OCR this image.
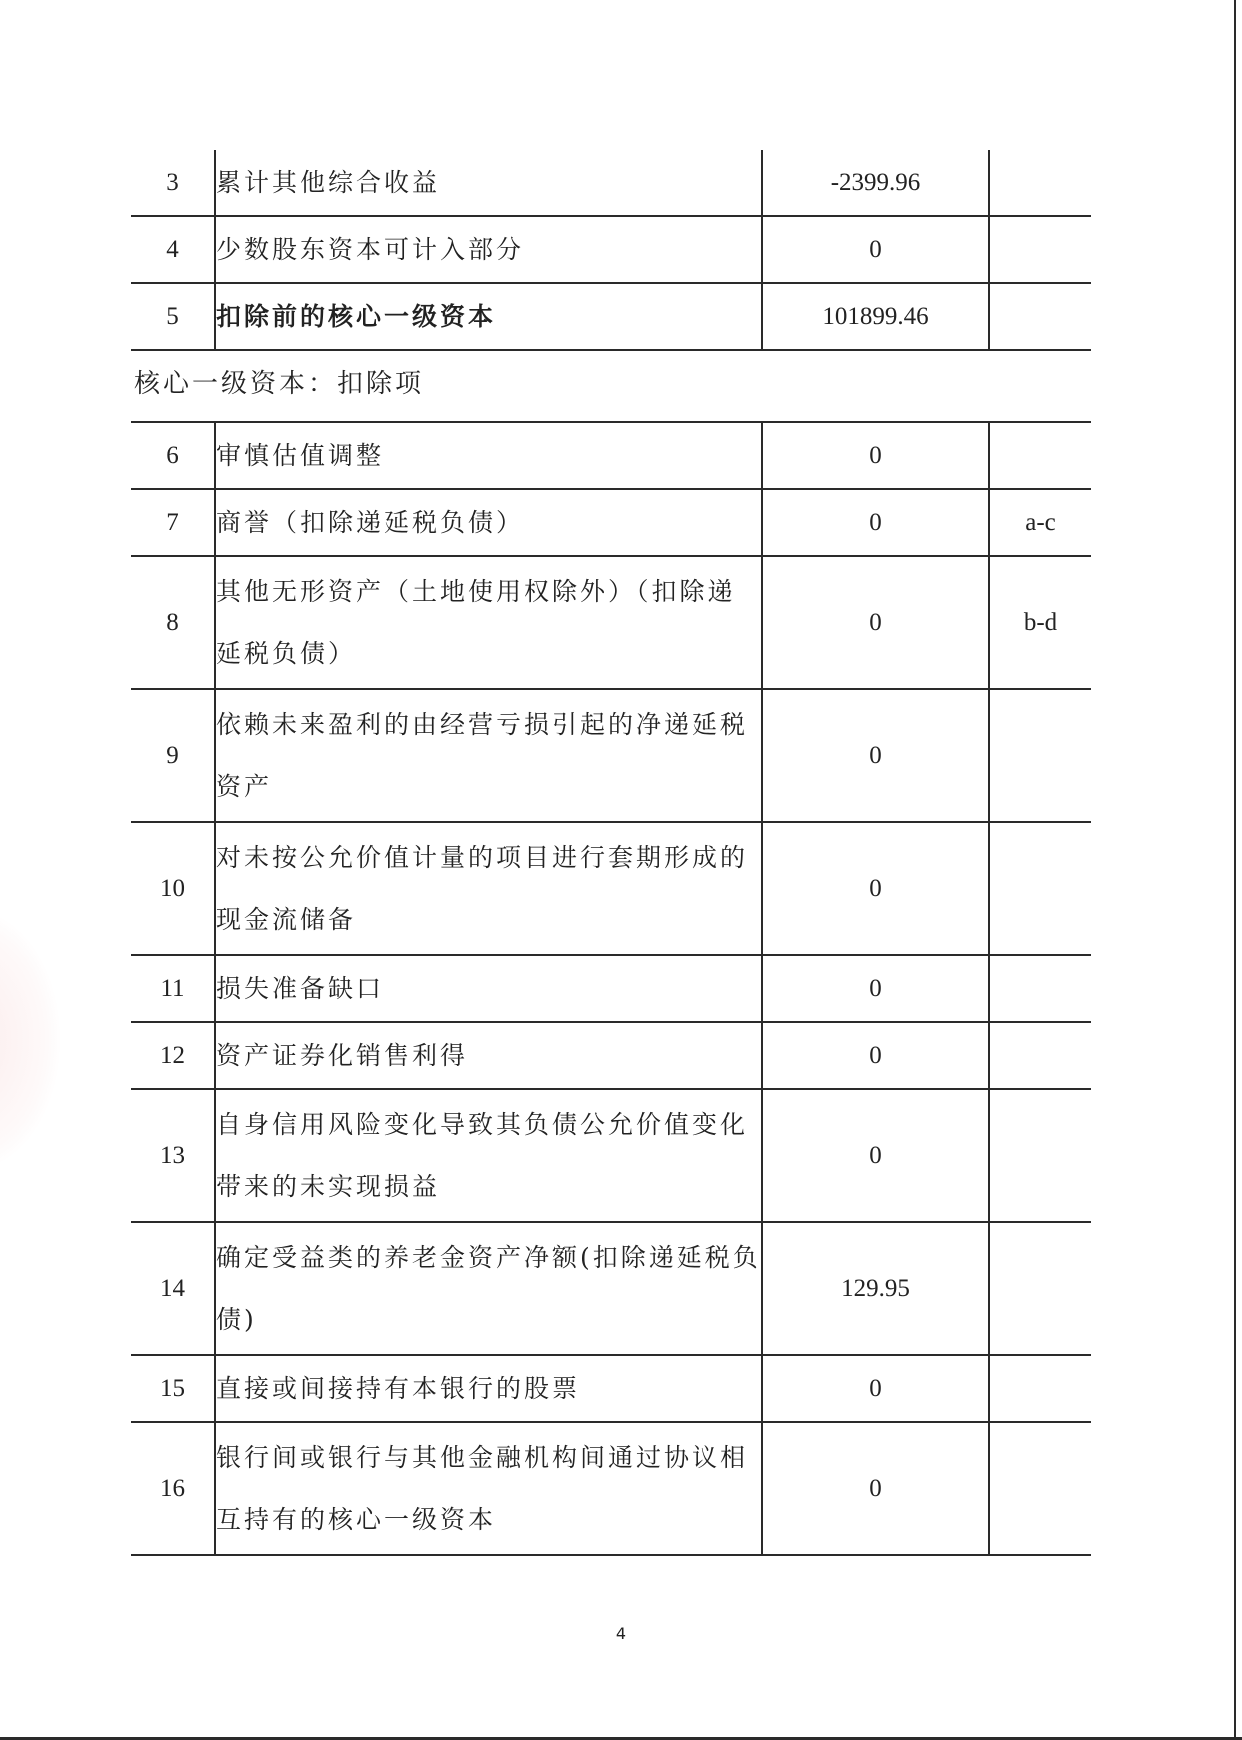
3	累计其他综合收益	-2399.96	
4	少数股东资本可计入部分	0	
5	扣除前的核心一级资本	101899.46	
核心一级资本：扣除项
6	审慎估值调整	0	
7	商誉（扣除递延税负债）	0	a-c
8	其他无形资产（土地使用权除外）（扣除递延税负债）	0	b-d
9	依赖未来盈利的由经营亏损引起的净递延税资产	0	
10	对未按公允价值计量的项目进行套期形成的现金流储备	0	
11	损失准备缺口	0	
12	资产证券化销售利得	0	
13	自身信用风险变化导致其负债公允价值变化带来的未实现损益	0	
14	确定受益类的养老金资产净额(扣除递延税负债)	129.95	
15	直接或间接持有本银行的股票	0	
16	银行间或银行与其他金融机构间通过协议相互持有的核心一级资本	0	
4
